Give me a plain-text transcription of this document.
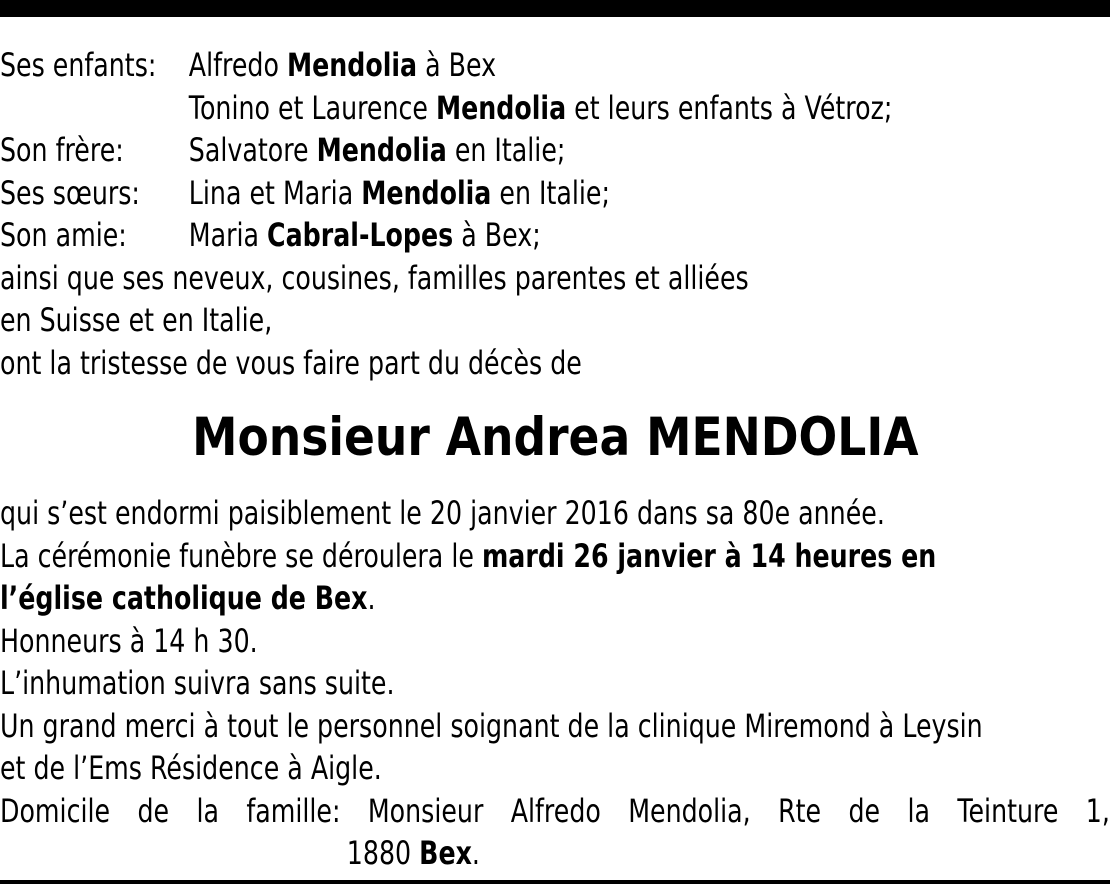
Ses enfants: Alfredo Mendolia à Bex
Tonino et Laurence Mendolia et leurs enfants à Vétroz;
Son frère: Salvatore Mendolia en Italie;
Ses sœurs: Lina et Maria Mendolia en Italie;
Son amie: Maria Cabral-Lopes à Bex;
ainsi que ses neveux, cousines, familles parentes et alliées
en Suisse et en Italie,
ont la tristesse de vous faire part du décès de
Monsieur Andrea MENDOLIA
qui s’est endormi paisiblement le 20 janvier 2016 dans sa 80e année.
La cérémonie funèbre se déroulera le mardi 26 janvier à 14 heures en
l’église catholique de Bex.
Honneurs à 14 h 30.
L’inhumation suivra sans suite.
Un grand merci à tout le personnel soignant de la clinique Miremond à Leysin
et de l’Ems Résidence à Aigle.
Domicile de la famille: Monsieur Alfredo Mendolia, Rte de la Teinture 1,
1880 Bex.
